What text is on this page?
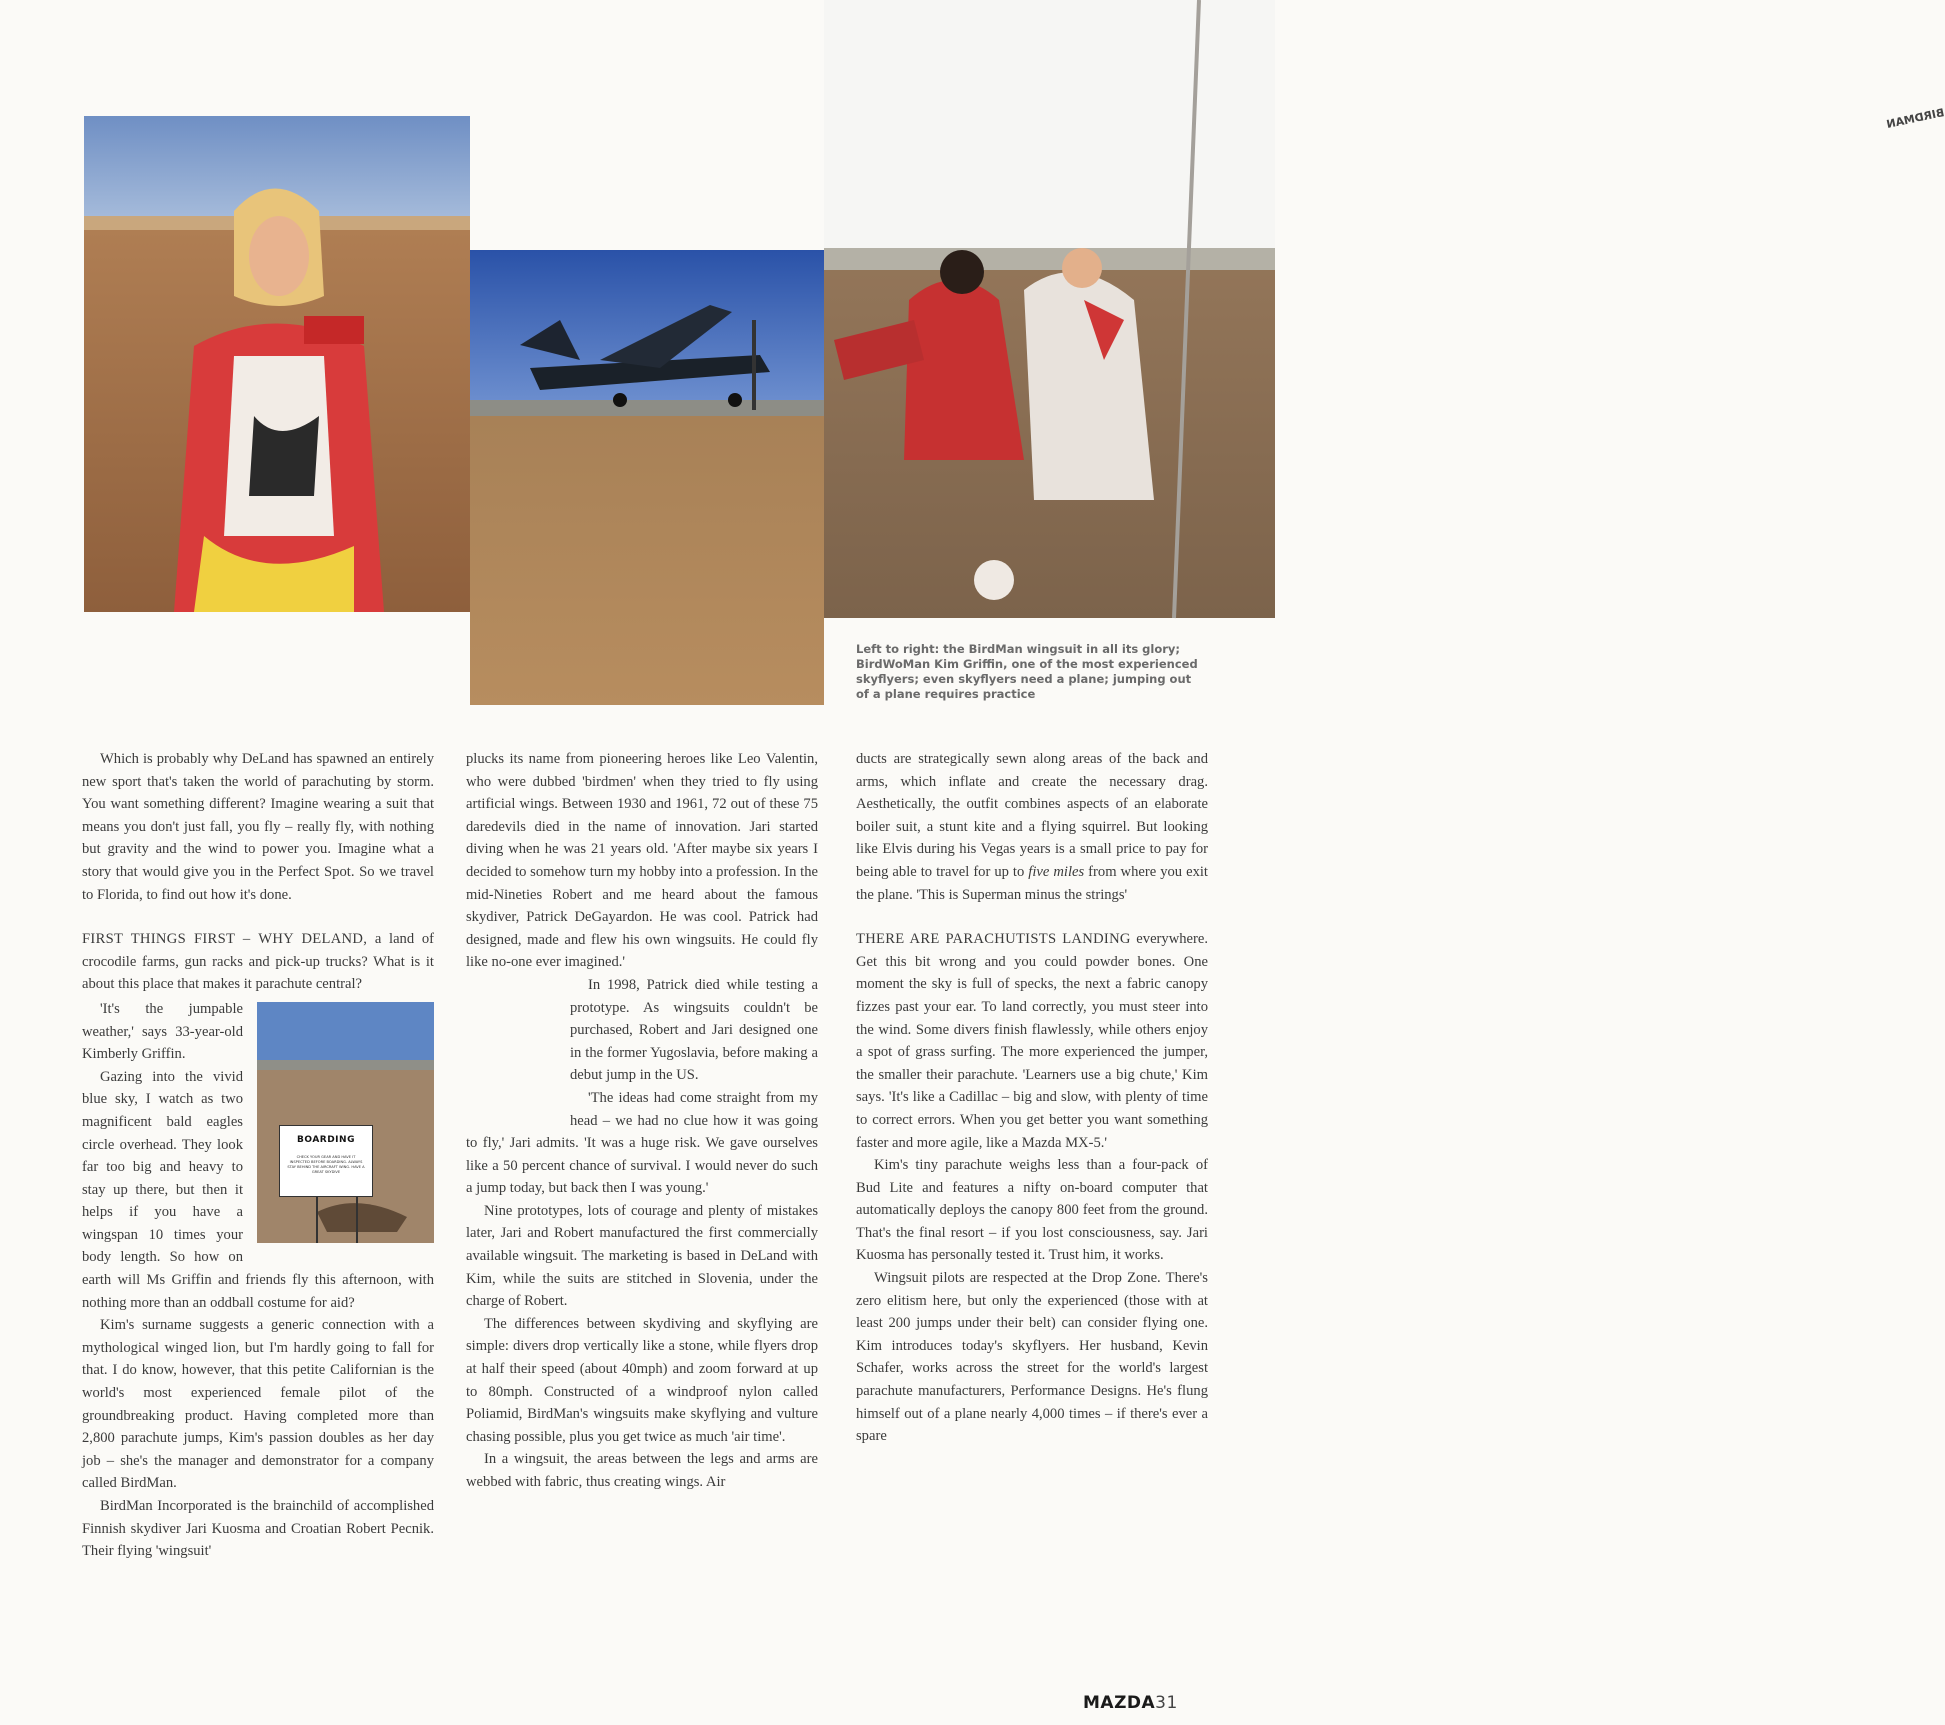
BIRDMAN
Left to right: the BirdMan wingsuit in all its glory; BirdWoMan Kim Griffin, one of the most experienced skyflyers; even skyflyers need a plane; jumping out of a plane requires practice

Which is probably why DeLand has spawned an entirely new sport that's taken the world of parachuting by storm. You want something different? Imagine wearing a suit that means you don't just fall, you fly – really fly, with nothing but gravity and the wind to power you. Imagine what a story that would give you in the Perfect Spot. So we travel to Florida, to find out how it's done.

FIRST THINGS FIRST – WHY DELAND, a land of crocodile farms, gun racks and pick-up trucks? What is it about this place that makes it parachute central?

BOARDING
CHECK YOUR GEAR AND HAVE IT INSPECTED BEFORE BOARDING. ALWAYS STAY BEHIND THE AIRCRAFT WING. HAVE A GREAT SKYDIVE

'It's the jumpable weather,' says 33-year-old Kimberly Griffin.

Gazing into the vivid blue sky, I watch as two magnificent bald eagles circle overhead. They look far too big and heavy to stay up there, but then it helps if you have a wingspan 10 times your body length. So how on earth will Ms Griffin and friends fly this afternoon, with nothing more than an oddball costume for aid?

Kim's surname suggests a generic connection with a mythological winged lion, but I'm hardly going to fall for that. I do know, however, that this petite Californian is the world's most experienced female pilot of the groundbreaking product. Having completed more than 2,800 parachute jumps, Kim's passion doubles as her day job – she's the manager and demonstrator for a company called BirdMan.

BirdMan Incorporated is the brainchild of accomplished Finnish skydiver Jari Kuosma and Croatian Robert Pecnik. Their flying 'wingsuit'

plucks its name from pioneering heroes like Leo Valentin, who were dubbed 'birdmen' when they tried to fly using artificial wings. Between 1930 and 1961, 72 out of these 75 daredevils died in the name of innovation. Jari started diving when he was 21 years old. 'After maybe six years I decided to somehow turn my hobby into a profession. In the mid-Nineties Robert and me heard about the famous skydiver, Patrick DeGayardon. He was cool. Patrick had designed, made and flew his own wingsuits. He could fly like no-one ever imagined.'

In 1998, Patrick died while testing a prototype. As wingsuits couldn't be purchased, Robert and Jari designed one in the former Yugoslavia, before making a debut jump in the US.

'The ideas had come straight from my head – we had no clue how it was going to fly,' Jari admits. 'It was a huge risk. We gave ourselves like a 50 percent chance of survival. I would never do such a jump today, but back then I was young.'

Nine prototypes, lots of courage and plenty of mistakes later, Jari and Robert manufactured the first commercially available wingsuit. The marketing is based in DeLand with Kim, while the suits are stitched in Slovenia, under the charge of Robert.

The differences between skydiving and skyflying are simple: divers drop vertically like a stone, while flyers drop at half their speed (about 40mph) and zoom forward at up to 80mph. Constructed of a windproof nylon called Poliamid, BirdMan's wingsuits make skyflying and vulture chasing possible, plus you get twice as much 'air time'.

In a wingsuit, the areas between the legs and arms are webbed with fabric, thus creating wings. Air

ducts are strategically sewn along areas of the back and arms, which inflate and create the necessary drag. Aesthetically, the outfit combines aspects of an elaborate boiler suit, a stunt kite and a flying squirrel. But looking like Elvis during his Vegas years is a small price to pay for being able to travel for up to five miles from where you exit the plane. 'This is Superman minus the strings'

THERE ARE PARACHUTISTS LANDING everywhere. Get this bit wrong and you could powder bones. One moment the sky is full of specks, the next a fabric canopy fizzes past your ear. To land correctly, you must steer into the wind. Some divers finish flawlessly, while others enjoy a spot of grass surfing. The more experienced the jumper, the smaller their parachute. 'Learners use a big chute,' Kim says. 'It's like a Cadillac – big and slow, with plenty of time to correct errors. When you get better you want something faster and more agile, like a Mazda MX-5.'

Kim's tiny parachute weighs less than a four-pack of Bud Lite and features a nifty on-board computer that automatically deploys the canopy 800 feet from the ground. That's the final resort – if you lost consciousness, say. Jari Kuosma has personally tested it. Trust him, it works.

Wingsuit pilots are respected at the Drop Zone. There's zero elitism here, but only the experienced (those with at least 200 jumps under their belt) can consider flying one. Kim introduces today's skyflyers. Her husband, Kevin Schafer, works across the street for the world's largest parachute manufacturers, Performance Designs. He's flung himself out of a plane nearly 4,000 times – if there's ever a spare

MAZDA31
